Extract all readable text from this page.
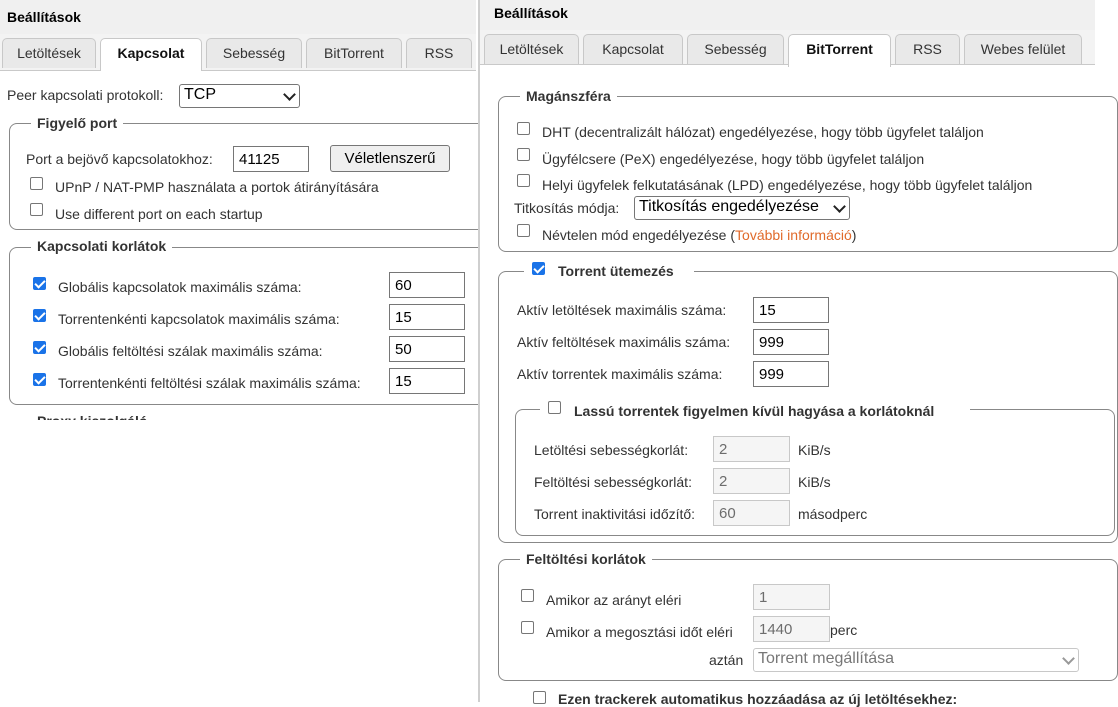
Beállítások
Letöltések	Kapcsolat	Sebesség	BitTorrent	RSS
Peer kapcsolati protokoll:	TCP
Figyelő port
Port a bejövő kapcsolatokhoz:
41125	Véletlenszerű
UPnP / NAT-PMP használata a portok átirányítására
Use different port on each startup
Kapcsolati korlátok
Globális kapcsolatok maximális száma:
60
Torrentenkénti kapcsolatok maximális száma:
15
Globális feltöltési szálak maximális száma:
50
Torrentenkénti feltöltési szálak maximális száma:
15
Beállítások
Letöltések	Kapcsolat	Sebesség	BitTorrent	RSS	Webes felület
Magánszféra
DHT (decentralizált hálózat) engedélyezése, hogy több ügyfelet találjon
Ügyfélcsere (PeX) engedélyezése, hogy több ügyfelet találjon
Helyi ügyfelek felkutatásának (LPD) engedélyezése, hogy több ügyfelet találjon
Titkosítás módja:	Titkosítás engedélyezése
Névtelen mód engedélyezése (További információ)
Torrent ütemezés
Aktív letöltések maximális száma:
15
Aktív feltöltések maximális száma:
999
Aktív torrentek maximális száma:
999
Lassú torrentek figyelmen kívül hagyása a korlátoknál
Letöltési sebességkorlát:
2	KiB/s
Feltöltési sebességkorlát:
2	KiB/s
Torrent inaktivitási időzítő:
60	másodperc
Feltöltési korlátok
Amikor az arányt eléri
1
Amikor a megosztási időt eléri
1440	perc
aztán Torrent megállítása
Ezen trackerek automatikus hozzáadása az új letöltésekhez:
